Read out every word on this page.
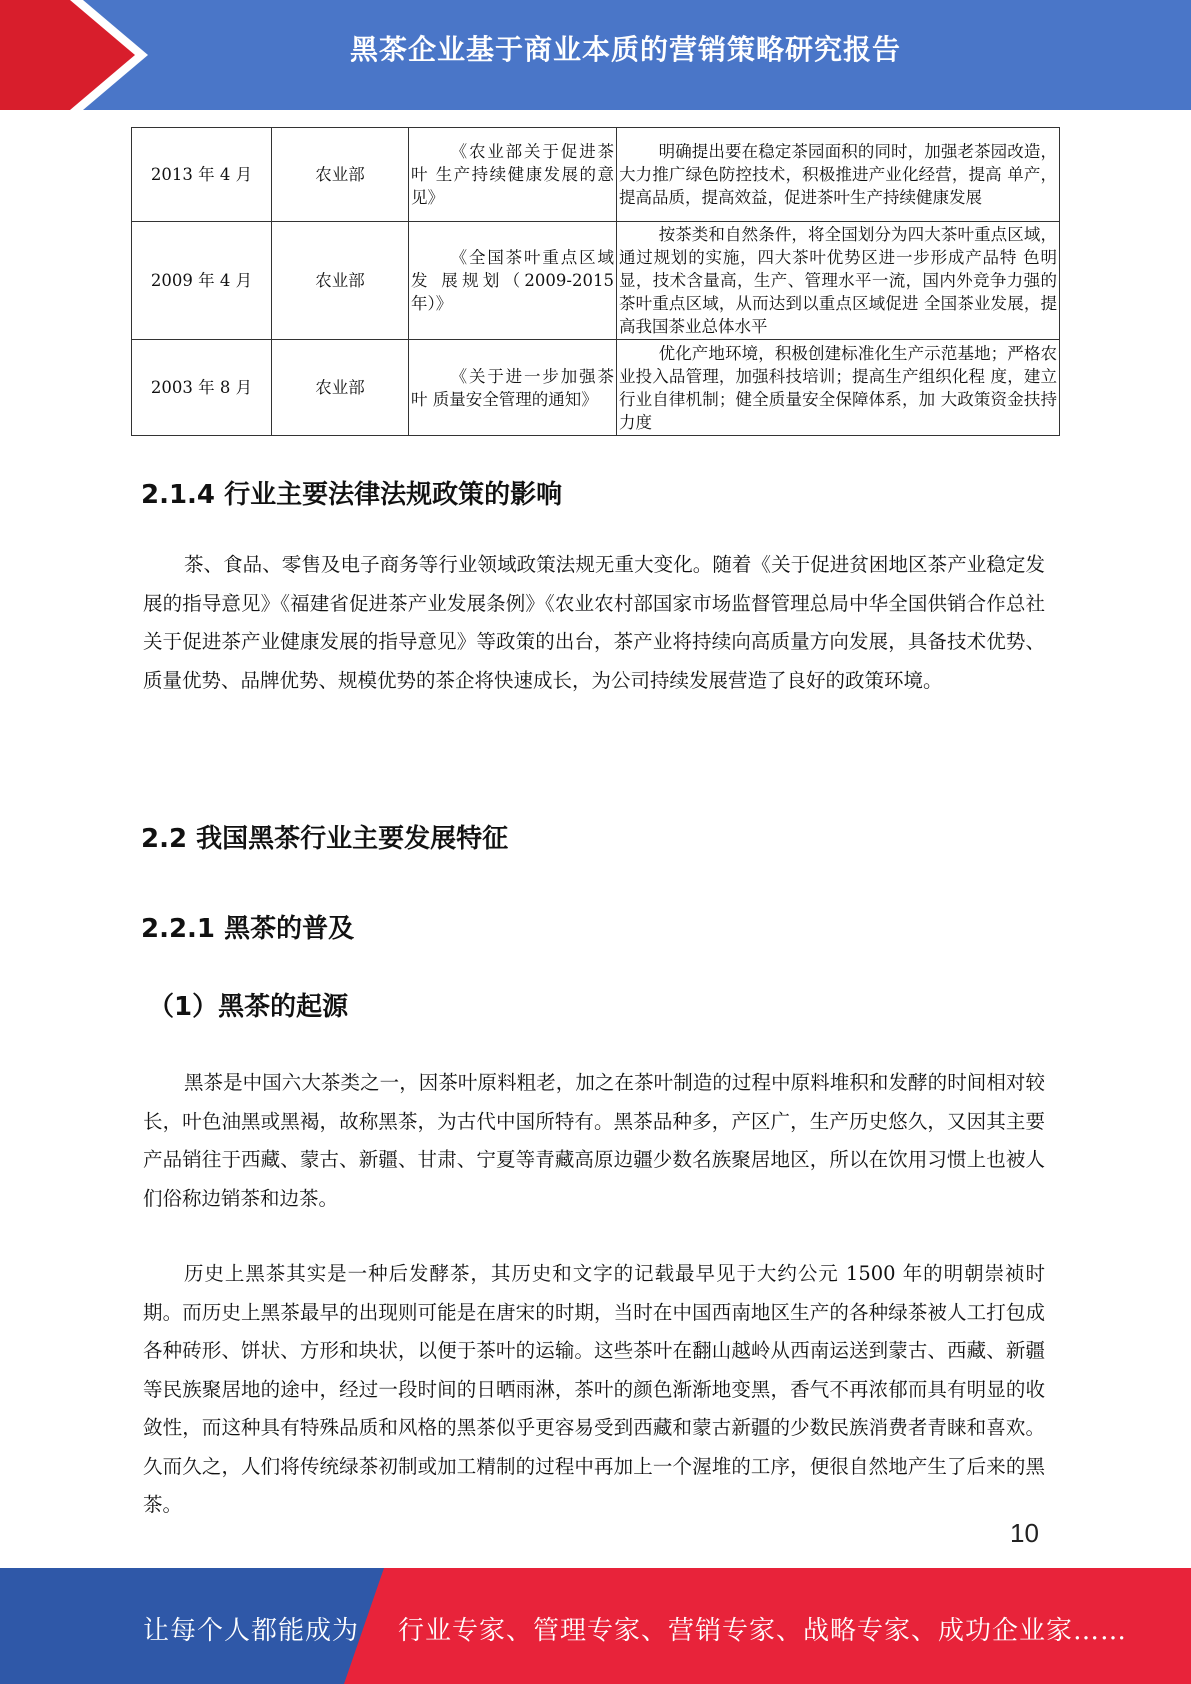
黑茶企业基于商业本质的营销策略研究报告
2013 年 4 月	农业部	《农业部关于促进茶叶 生产持续健康发展的意 见》	明确提出要在稳定茶园面积的同时，加强老茶园改造， 大力推广绿色防控技术，积极推进产业化经营，提高 单产，提高品质，提高效益，促进茶叶生产持续健康发展
2009 年 4 月	农业部	《全国茶叶重点区域发 展规划（2009-2015 年）》	按茶类和自然条件，将全国划分为四大茶叶重点区域， 通过规划的实施，四大茶叶优势区进一步形成产品特 色明显，技术含量高，生产、管理水平一流，国内外竞争力强的茶叶重点区域，从而达到以重点区域促进 全国茶业发展，提高我国茶业总体水平
2003 年 8 月	农业部	《关于进一步加强茶叶 质量安全管理的通知》	优化产地环境，积极创建标准化生产示范基地；严格农业投入品管理，加强科技培训；提高生产组织化程 度，建立行业自律机制；健全质量安全保障体系，加 大政策资金扶持力度
2.1.4 行业主要法律法规政策的影响
茶、食品、零售及电子商务等行业领域政策法规无重大变化。随着《关于促进贫困地区茶产业稳定发展的指导意见》《福建省促进茶产业发展条例》《农业农村部国家市场监督管理总局中华全国供销合作总社关于促进茶产业健康发展的指导意见》等政策的出台，茶产业将持续向高质量方向发展，具备技术优势、质量优势、品牌优势、规模优势的茶企将快速成长，为公司持续发展营造了良好的政策环境。
2.2 我国黑茶行业主要发展特征
2.2.1 黑茶的普及
（1）黑茶的起源
黑茶是中国六大茶类之一，因茶叶原料粗老，加之在茶叶制造的过程中原料堆积和发酵的时间相对较长，叶色油黑或黑褐，故称黑茶，为古代中国所特有。黑茶品种多，产区广，生产历史悠久，又因其主要产品销往于西藏、蒙古、新疆、甘肃、宁夏等青藏高原边疆少数名族聚居地区，所以在饮用习惯上也被人们俗称边销茶和边茶。
历史上黑茶其实是一种后发酵茶，其历史和文字的记载最早见于大约公元 1500 年的明朝崇祯时期。而历史上黑茶最早的出现则可能是在唐宋的时期，当时在中国西南地区生产的各种绿茶被人工打包成各种砖形、饼状、方形和块状，以便于茶叶的运输。这些茶叶在翻山越岭从西南运送到蒙古、西藏、新疆等民族聚居地的途中，经过一段时间的日晒雨淋，茶叶的颜色渐渐地变黑，香气不再浓郁而具有明显的收敛性，而这种具有特殊品质和风格的黑茶似乎更容易受到西藏和蒙古新疆的少数民族消费者青睐和喜欢。久而久之，人们将传统绿茶初制或加工精制的过程中再加上一个渥堆的工序，便很自然地产生了后来的黑茶。
10
让每个人都能成为 行业专家、管理专家、营销专家、战略专家、成功企业家……
